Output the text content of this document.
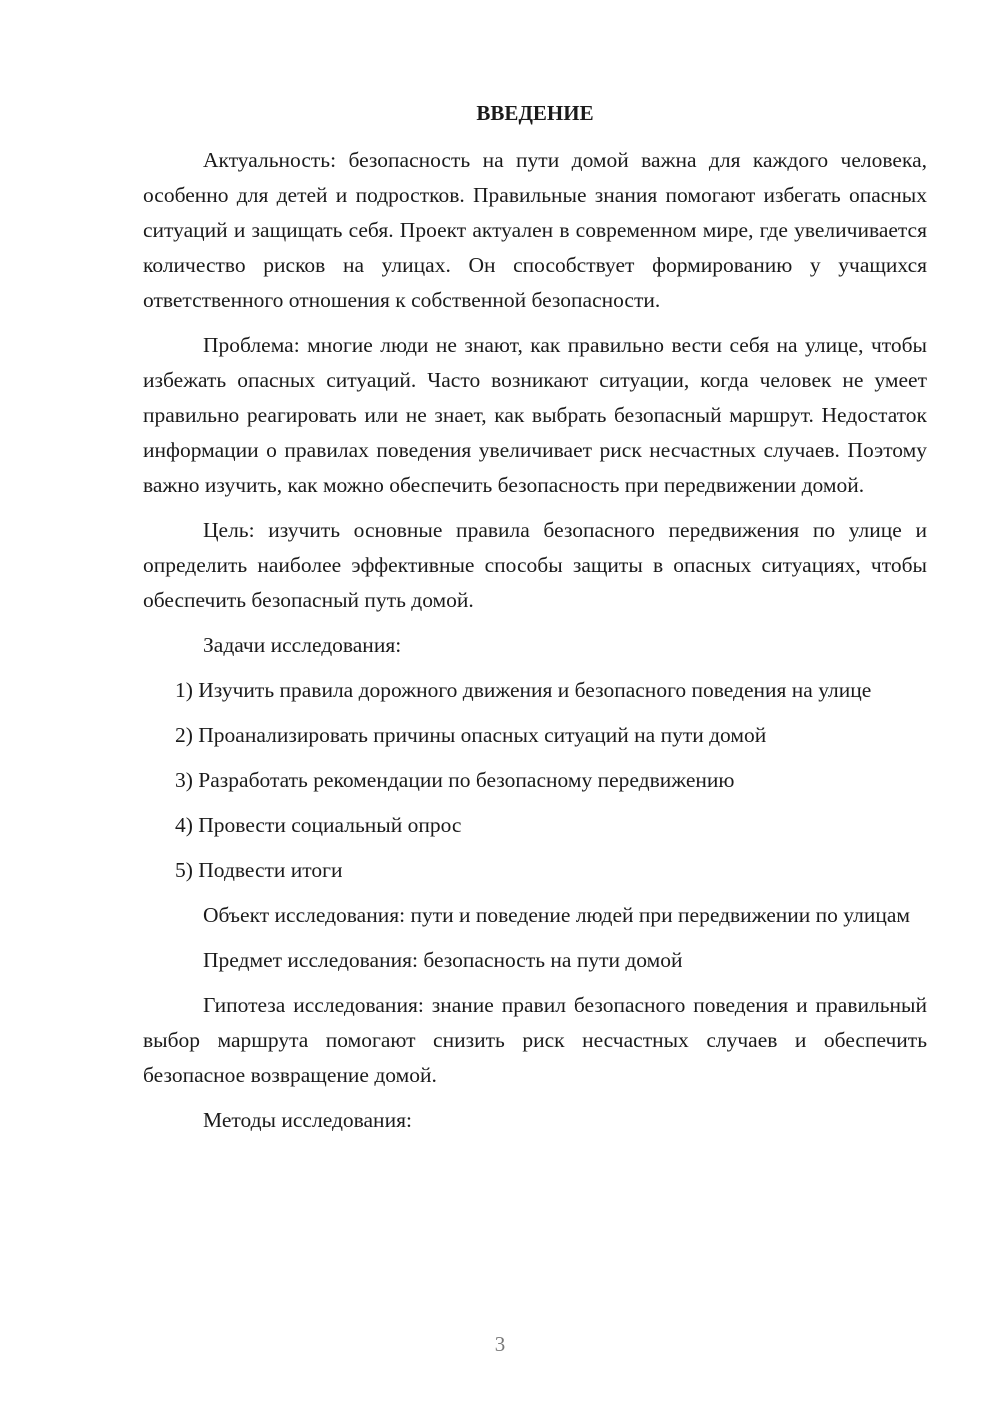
ВВЕДЕНИЕ

Актуальность: безопасность на пути домой важна для каждого человека, особенно для детей и подростков. Правильные знания помогают избегать опасных ситуаций и защищать себя. Проект актуален в современном мире, где увеличивается количество рисков на улицах. Он способствует формированию у учащихся ответственного отношения к собственной безопасности.

Проблема: многие люди не знают, как правильно вести себя на улице, чтобы избежать опасных ситуаций. Часто возникают ситуации, когда человек не умеет правильно реагировать или не знает, как выбрать безопасный маршрут. Недостаток информации о правилах поведения увеличивает риск несчастных случаев. Поэтому важно изучить, как можно обеспечить безопасность при передвижении домой.

Цель: изучить основные правила безопасного передвижения по улице и определить наиболее эффективные способы защиты в опасных ситуациях, чтобы обеспечить безопасный путь домой.

Задачи исследования:

1) Изучить правила дорожного движения и безопасного поведения на улице

2) Проанализировать причины опасных ситуаций на пути домой

3) Разработать рекомендации по безопасному передвижению

4) Провести социальный опрос

5) Подвести итоги

Объект исследования: пути и поведение людей при передвижении по улицам

Предмет исследования: безопасность на пути домой

Гипотеза исследования: знание правил безопасного поведения и правильный выбор маршрута помогают снизить риск несчастных случаев и обеспечить безопасное возвращение домой.

Методы исследования:

3
